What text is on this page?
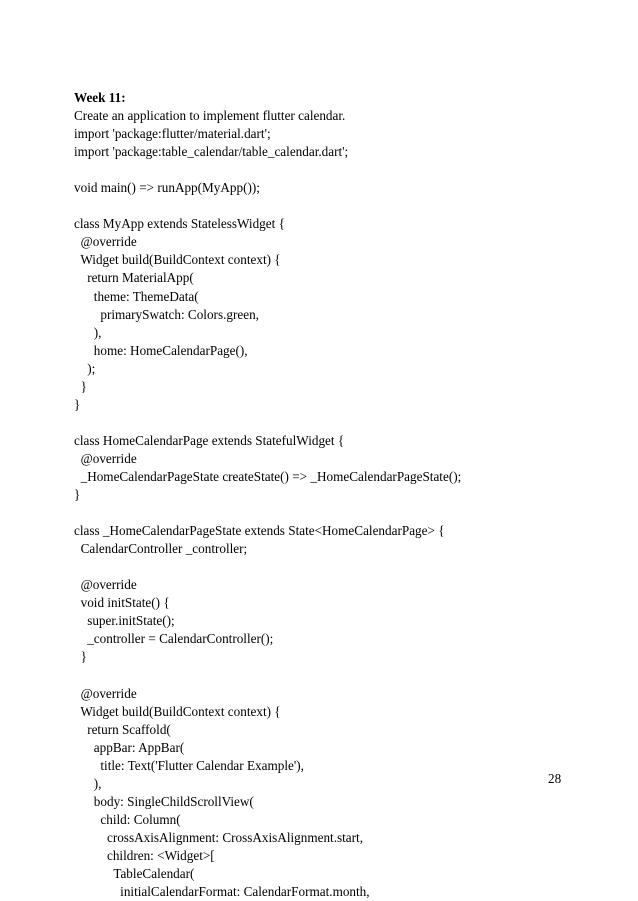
Week 11:
Create an application to implement flutter calendar.
import 'package:flutter/material.dart';
import 'package:table_calendar/table_calendar.dart';
void main() => runApp(MyApp());
class MyApp extends StatelessWidget {
@override
Widget build(BuildContext context) {
return MaterialApp(
theme: ThemeData(
primarySwatch: Colors.green,
),
home: HomeCalendarPage(),
);
}
}
class HomeCalendarPage extends StatefulWidget {
@override
_HomeCalendarPageState createState() => _HomeCalendarPageState();
}
class _HomeCalendarPageState extends State<HomeCalendarPage> {
CalendarController _controller;
@override
void initState() {
super.initState();
_controller = CalendarController();
}
@override
Widget build(BuildContext context) {
return Scaffold(
appBar: AppBar(
title: Text('Flutter Calendar Example'),
),
body: SingleChildScrollView(
child: Column(
crossAxisAlignment: CrossAxisAlignment.start,
children: <Widget>[
TableCalendar(
initialCalendarFormat: CalendarFormat.month,
28
